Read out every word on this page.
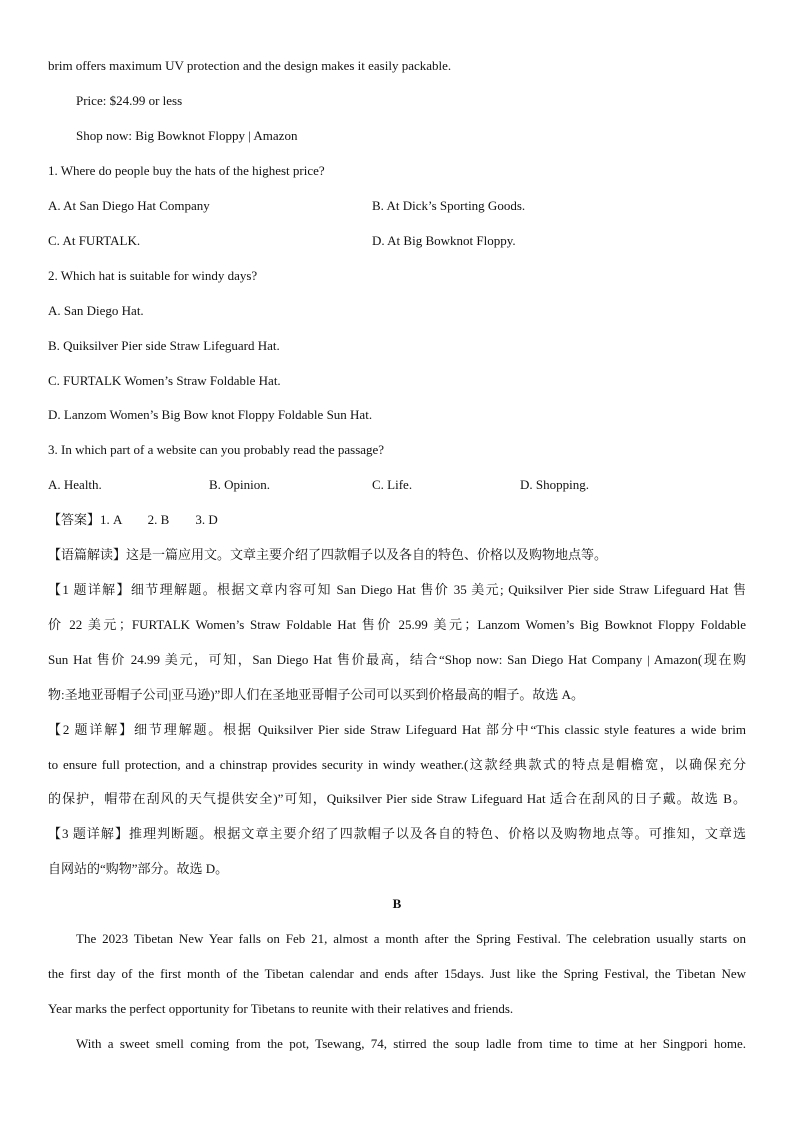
brim offers maximum UV protection and the design makes it easily packable.
Price: $24.99 or less
Shop now: Big Bowknot Floppy | Amazon
1. Where do people buy the hats of the highest price?
A. At San Diego Hat Company	B. At Dick’s Sporting Goods.
C. At FURTALK.	D. At Big Bowknot Floppy.
2. Which hat is suitable for windy days?
A. San Diego Hat.
B. Quiksilver Pier side Straw Lifeguard Hat.
C. FURTALK Women’s Straw Foldable Hat.
D. Lanzom Women’s Big Bow knot Floppy Foldable Sun Hat.
3. In which part of a website can you probably read the passage?
A. Health.	B. Opinion.	C. Life.	D. Shopping.
【答案】1. A　　2. B　　3. D
【语篇解读】这是一篇应用文。文章主要介绍了四款帽子以及各自的特色、价格以及购物地点等。
【1 题详解】细节理解题。根据文章内容可知 San Diego Hat 售价 35 美元; Quiksilver Pier side Straw Lifeguard Hat 售
价 22 美元；FURTALK Women’s Straw Foldable Hat 售价 25.99 美元；Lanzom Women’s Big Bowknot Floppy Foldable
Sun Hat 售价 24.99 美元，可知，San Diego Hat 售价最高，结合“Shop now: San Diego Hat Company | Amazon(现在购
物:圣地亚哥帽子公司|亚马逊)”即人们在圣地亚哥帽子公司可以买到价格最高的帽子。故选 A。
【2 题详解】细节理解题。根据 Quiksilver Pier side Straw Lifeguard Hat 部分中“This classic style features a wide brim
to ensure full protection, and a chinstrap provides security in windy weather.(这款经典款式的特点是帽檐宽，以确保充分
的保护，帽带在刮风的天气提供安全)”可知，Quiksilver Pier side Straw Lifeguard Hat 适合在刮风的日子戴。故选 B。
【3 题详解】推理判断题。根据文章主要介绍了四款帽子以及各自的特色、价格以及购物地点等。可推知，文章选
自网站的“购物”部分。故选 D。
B
The 2023 Tibetan New Year falls on Feb 21, almost a month after the Spring Festival. The celebration usually starts on
the first day of the first month of the Tibetan calendar and ends after 15days. Just like the Spring Festival, the Tibetan New
Year marks the perfect opportunity for Tibetans to reunite with their relatives and friends.
With a sweet smell coming from the pot, Tsewang, 74, stirred the soup ladle from time to time at her Singpori home.
